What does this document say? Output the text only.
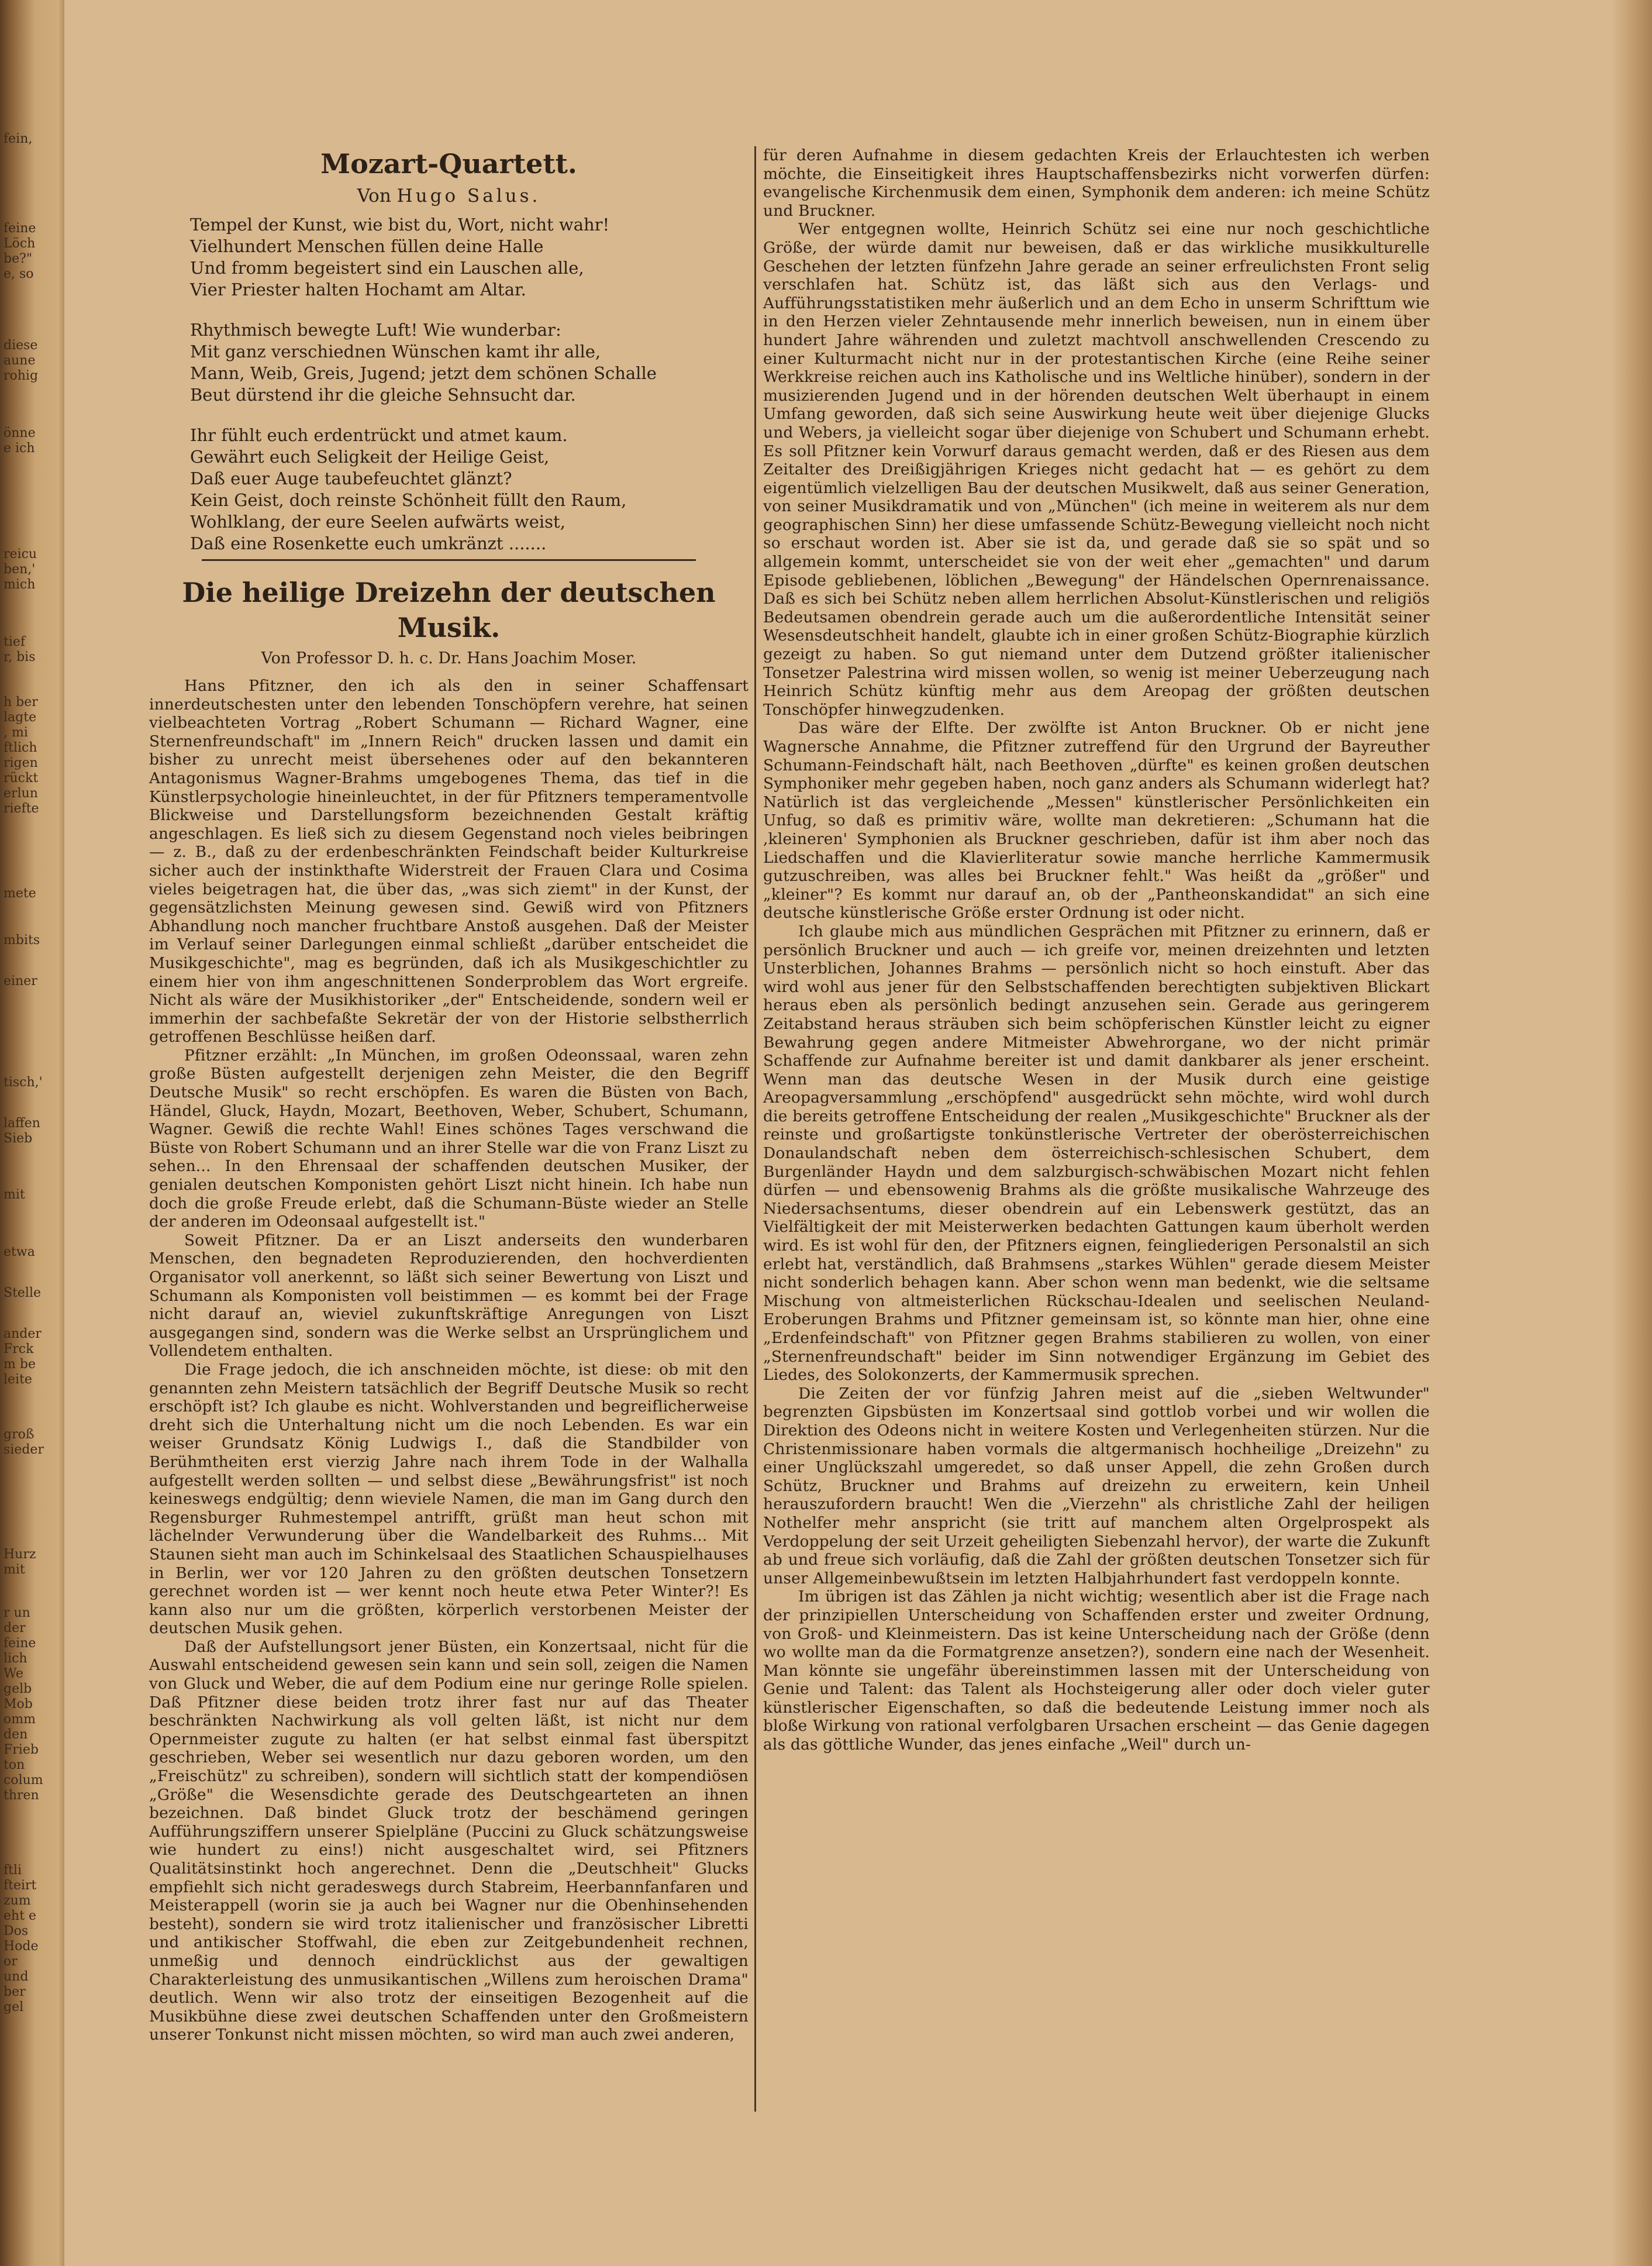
fein,
feine
Löch
be?"
e, so
diese
aune
rohig
önne
e ich
reicu
ben,'
mich
tief
r, bis
h ber
lagte
, mi
ftlich
rigen
rückt
erlun
riefte
mete
mbits
einer
tisch,'
laffen
Sieb
mit
etwa
Stelle
ander
Frck
m be
leite
groß
sieder
Hurz
mit
r un
der
feine
lich
We
gelb
Mob
omm
den
Frieb
ton
colum
thren
ftli
fteirt
zum
eht e
Dos
Hode
or
und
ber
gel
Mozart-Quartett.
Von Hugo Salus.
Tempel der Kunst, wie bist du, Wort, nicht wahr!
Vielhundert Menschen füllen deine Halle
Und fromm begeistert sind ein Lauschen alle,
Vier Priester halten Hochamt am Altar.
Rhythmisch bewegte Luft! Wie wunderbar:
Mit ganz verschiednen Wünschen kamt ihr alle,
Mann, Weib, Greis, Jugend; jetzt dem schönen Schalle
Beut dürstend ihr die gleiche Sehnsucht dar.
Ihr fühlt euch erdentrückt und atmet kaum.
Gewährt euch Seligkeit der Heilige Geist,
Daß euer Auge taubefeuchtet glänzt?
Kein Geist, doch reinste Schönheit füllt den Raum,
Wohlklang, der eure Seelen aufwärts weist,
Daß eine Rosenkette euch umkränzt .......
Die heilige Dreizehn der deutschen Musik.
Von Professor D. h. c. Dr. Hans Joachim Moser.

Hans Pfitzner, den ich als den in seiner Schaffensart innerdeutschesten unter den lebenden Tonschöpfern verehre, hat seinen vielbeachteten Vortrag „Robert Schumann — Richard Wagner, eine Sternenfreundschaft" im „Innern Reich" drucken lassen und damit ein bisher zu unrecht meist übersehenes oder auf den bekannteren Antagonismus Wagner-Brahms umgebogenes Thema, das tief in die Künstlerpsychologie hineinleuchtet, in der für Pfitzners temperamentvolle Blickweise und Darstellungsform bezeichnenden Gestalt kräftig angeschlagen. Es ließ sich zu diesem Gegenstand noch vieles beibringen — z. B., daß zu der erdenbeschränkten Feindschaft beider Kulturkreise sicher auch der instinkthafte Widerstreit der Frauen Clara und Cosima vieles beigetragen hat, die über das, „was sich ziemt" in der Kunst, der gegensätzlichsten Meinung gewesen sind. Gewiß wird von Pfitzners Abhandlung noch mancher fruchtbare Anstoß ausgehen. Daß der Meister im Verlauf seiner Darlegungen einmal schließt „darüber entscheidet die Musikgeschichte", mag es begründen, daß ich als Musikgeschichtler zu einem hier von ihm angeschnittenen Sonderproblem das Wort ergreife. Nicht als wäre der Musikhistoriker „der" Entscheidende, sondern weil er immerhin der sachbefaßte Sekretär der von der Historie selbstherrlich getroffenen Beschlüsse heißen darf.

Pfitzner erzählt: „In München, im großen Odeonssaal, waren zehn große Büsten aufgestellt derjenigen zehn Meister, die den Begriff Deutsche Musik" so recht erschöpfen. Es waren die Büsten von Bach, Händel, Gluck, Haydn, Mozart, Beethoven, Weber, Schubert, Schumann, Wagner. Gewiß die rechte Wahl! Eines schönes Tages verschwand die Büste von Robert Schumann und an ihrer Stelle war die von Franz Liszt zu sehen... In den Ehrensaal der schaffenden deutschen Musiker, der genialen deutschen Komponisten gehört Liszt nicht hinein. Ich habe nun doch die große Freude erlebt, daß die Schumann-Büste wieder an Stelle der anderen im Odeonsaal aufgestellt ist."

Soweit Pfitzner. Da er an Liszt anderseits den wunderbaren Menschen, den begnadeten Reproduzierenden, den hochverdienten Organisator voll anerkennt, so läßt sich seiner Bewertung von Liszt und Schumann als Komponisten voll beistimmen — es kommt bei der Frage nicht darauf an, wieviel zukunftskräftige Anregungen von Liszt ausgegangen sind, sondern was die Werke selbst an Ursprünglichem und Vollendetem enthalten.

Die Frage jedoch, die ich anschneiden möchte, ist diese: ob mit den genannten zehn Meistern tatsächlich der Begriff Deutsche Musik so recht erschöpft ist? Ich glaube es nicht. Wohlverstanden und begreiflicherweise dreht sich die Unterhaltung nicht um die noch Lebenden. Es war ein weiser Grundsatz König Ludwigs I., daß die Standbilder von Berühmtheiten erst vierzig Jahre nach ihrem Tode in der Walhalla aufgestellt werden sollten — und selbst diese „Bewährungsfrist" ist noch keineswegs endgültig; denn wieviele Namen, die man im Gang durch den Regensburger Ruhmestempel antrifft, grüßt man heut schon mit lächelnder Verwunderung über die Wandelbarkeit des Ruhms... Mit Staunen sieht man auch im Schinkelsaal des Staatlichen Schauspielhauses in Berlin, wer vor 120 Jahren zu den größten deutschen Tonsetzern gerechnet worden ist — wer kennt noch heute etwa Peter Winter?! Es kann also nur um die größten, körperlich verstorbenen Meister der deutschen Musik gehen.

Daß der Aufstellungsort jener Büsten, ein Konzertsaal, nicht für die Auswahl entscheidend gewesen sein kann und sein soll, zeigen die Namen von Gluck und Weber, die auf dem Podium eine nur geringe Rolle spielen. Daß Pfitzner diese beiden trotz ihrer fast nur auf das Theater beschränkten Nachwirkung als voll gelten läßt, ist nicht nur dem Opernmeister zugute zu halten (er hat selbst einmal fast überspitzt geschrieben, Weber sei wesentlich nur dazu geboren worden, um den „Freischütz" zu schreiben), sondern will sichtlich statt der kompendiösen „Größe" die Wesensdichte gerade des Deutschgearteten an ihnen bezeichnen. Daß bindet Gluck trotz der beschämend geringen Aufführungsziffern unserer Spielpläne (Puccini zu Gluck schätzungsweise wie hundert zu eins!) nicht ausgeschaltet wird, sei Pfitzners Qualitätsinstinkt hoch angerechnet. Denn die „Deutschheit" Glucks empfiehlt sich nicht geradeswegs durch Stabreim, Heerbannfanfaren und Meisterappell (worin sie ja auch bei Wagner nur die Obenhinsehenden besteht), sondern sie wird trotz italienischer und französischer Libretti und antikischer Stoffwahl, die eben zur Zeitgebundenheit rechnen, unmeßig und dennoch eindrücklichst aus der gewaltigen Charakterleistung des unmusikantischen „Willens zum heroischen Drama" deutlich. Wenn wir also trotz der einseitigen Bezogenheit auf die Musikbühne diese zwei deutschen Schaffenden unter den Großmeistern unserer Tonkunst nicht missen möchten, so wird man auch zwei anderen,

für deren Aufnahme in diesem gedachten Kreis der Erlauchtesten ich werben möchte, die Einseitigkeit ihres Hauptschaffensbezirks nicht vorwerfen dürfen: evangelische Kirchenmusik dem einen, Symphonik dem anderen: ich meine Schütz und Bruckner.

Wer entgegnen wollte, Heinrich Schütz sei eine nur noch geschichtliche Größe, der würde damit nur beweisen, daß er das wirkliche musikkulturelle Geschehen der letzten fünfzehn Jahre gerade an seiner erfreulichsten Front selig verschlafen hat. Schütz ist, das läßt sich aus den Verlags- und Aufführungsstatistiken mehr äußerlich und an dem Echo in unserm Schrifttum wie in den Herzen vieler Zehntausende mehr innerlich beweisen, nun in einem über hundert Jahre währenden und zuletzt machtvoll anschwellenden Crescendo zu einer Kulturmacht nicht nur in der protestantischen Kirche (eine Reihe seiner Werkkreise reichen auch ins Katholische und ins Weltliche hinüber), sondern in der musizierenden Jugend und in der hörenden deutschen Welt überhaupt in einem Umfang geworden, daß sich seine Auswirkung heute weit über diejenige Glucks und Webers, ja vielleicht sogar über diejenige von Schubert und Schumann erhebt. Es soll Pfitzner kein Vorwurf daraus gemacht werden, daß er des Riesen aus dem Zeitalter des Dreißigjährigen Krieges nicht gedacht hat — es gehört zu dem eigentümlich vielzelligen Bau der deutschen Musikwelt, daß aus seiner Generation, von seiner Musikdramatik und von „München" (ich meine in weiterem als nur dem geographischen Sinn) her diese umfassende Schütz-Bewegung vielleicht noch nicht so erschaut worden ist. Aber sie ist da, und gerade daß sie so spät und so allgemein kommt, unterscheidet sie von der weit eher „gemachten" und darum Episode gebliebenen, löblichen „Bewegung" der Händelschen Opernrenaissance. Daß es sich bei Schütz neben allem herrlichen Absolut-Künstlerischen und religiös Bedeutsamen obendrein gerade auch um die außerordentliche Intensität seiner Wesensdeutschheit handelt, glaubte ich in einer großen Schütz-Biographie kürzlich gezeigt zu haben. So gut niemand unter dem Dutzend größter italienischer Tonsetzer Palestrina wird missen wollen, so wenig ist meiner Ueberzeugung nach Heinrich Schütz künftig mehr aus dem Areopag der größten deutschen Tonschöpfer hinwegzudenken.

Das wäre der Elfte. Der zwölfte ist Anton Bruckner. Ob er nicht jene Wagnersche Annahme, die Pfitzner zutreffend für den Urgrund der Bayreuther Schumann-Feindschaft hält, nach Beethoven „dürfte" es keinen großen deutschen Symphoniker mehr gegeben haben, noch ganz anders als Schumann widerlegt hat? Natürlich ist das vergleichende „Messen" künstlerischer Persönlichkeiten ein Unfug, so daß es primitiv wäre, wollte man dekretieren: „Schumann hat die ,kleineren' Symphonien als Bruckner geschrieben, dafür ist ihm aber noch das Liedschaffen und die Klavierliteratur sowie manche herrliche Kammermusik gutzuschreiben, was alles bei Bruckner fehlt." Was heißt da „größer" und „kleiner"? Es kommt nur darauf an, ob der „Pantheonskandidat" an sich eine deutsche künstlerische Größe erster Ordnung ist oder nicht.

Ich glaube mich aus mündlichen Gesprächen mit Pfitzner zu erinnern, daß er persönlich Bruckner und auch — ich greife vor, meinen dreizehnten und letzten Unsterblichen, Johannes Brahms — persönlich nicht so hoch einstuft. Aber das wird wohl aus jener für den Selbstschaffenden berechtigten subjektiven Blickart heraus eben als persönlich bedingt anzusehen sein. Gerade aus geringerem Zeitabstand heraus sträuben sich beim schöpferischen Künstler leicht zu eigner Bewahrung gegen andere Mitmeister Abwehrorgane, wo der nicht primär Schaffende zur Aufnahme bereiter ist und damit dankbarer als jener erscheint. Wenn man das deutsche Wesen in der Musik durch eine geistige Areopagversammlung „erschöpfend" ausgedrückt sehn möchte, wird wohl durch die bereits getroffene Entscheidung der realen „Musikgeschichte" Bruckner als der reinste und großartigste tonkünstlerische Vertreter der oberösterreichischen Donaulandschaft neben dem österreichisch-schlesischen Schubert, dem Burgenländer Haydn und dem salzburgisch-schwäbischen Mozart nicht fehlen dürfen — und ebensowenig Brahms als die größte musikalische Wahrzeuge des Niedersachsentums, dieser obendrein auf ein Lebenswerk gestützt, das an Vielfältigkeit der mit Meisterwerken bedachten Gattungen kaum überholt werden wird. Es ist wohl für den, der Pfitzners eignen, feingliederigen Personalstil an sich erlebt hat, verständlich, daß Brahmsens „starkes Wühlen" gerade diesem Meister nicht sonderlich behagen kann. Aber schon wenn man bedenkt, wie die seltsame Mischung von altmeisterlichen Rückschau-Idealen und seelischen Neuland-Eroberungen Brahms und Pfitzner gemeinsam ist, so könnte man hier, ohne eine „Erdenfeindschaft" von Pfitzner gegen Brahms stabilieren zu wollen, von einer „Sternenfreundschaft" beider im Sinn notwendiger Ergänzung im Gebiet des Liedes, des Solokonzerts, der Kammermusik sprechen.

Die Zeiten der vor fünfzig Jahren meist auf die „sieben Weltwunder" begrenzten Gipsbüsten im Konzertsaal sind gottlob vorbei und wir wollen die Direktion des Odeons nicht in weitere Kosten und Verlegenheiten stürzen. Nur die Christenmissionare haben vormals die altgermanisch hochheilige „Dreizehn" zu einer Unglückszahl umgeredet, so daß unser Appell, die zehn Großen durch Schütz, Bruckner und Brahms auf dreizehn zu erweitern, kein Unheil herauszufordern braucht! Wen die „Vierzehn" als christliche Zahl der heiligen Nothelfer mehr anspricht (sie tritt auf manchem alten Orgelprospekt als Verdoppelung der seit Urzeit geheiligten Siebenzahl hervor), der warte die Zukunft ab und freue sich vorläufig, daß die Zahl der größten deutschen Tonsetzer sich für unser Allgemeinbewußtsein im letzten Halbjahrhundert fast verdoppeln konnte.

Im übrigen ist das Zählen ja nicht wichtig; wesentlich aber ist die Frage nach der prinzipiellen Unterscheidung von Schaffenden erster und zweiter Ordnung, von Groß- und Kleinmeistern. Das ist keine Unterscheidung nach der Größe (denn wo wollte man da die Formatgrenze ansetzen?), sondern eine nach der Wesenheit. Man könnte sie ungefähr übereinstimmen lassen mit der Unterscheidung von Genie und Talent: das Talent als Hochsteigerung aller oder doch vieler guter künstlerischer Eigenschaften, so daß die bedeutende Leistung immer noch als bloße Wirkung von rational verfolgbaren Ursachen erscheint — das Genie dagegen als das göttliche Wunder, das jenes einfache „Weil" durch un-
